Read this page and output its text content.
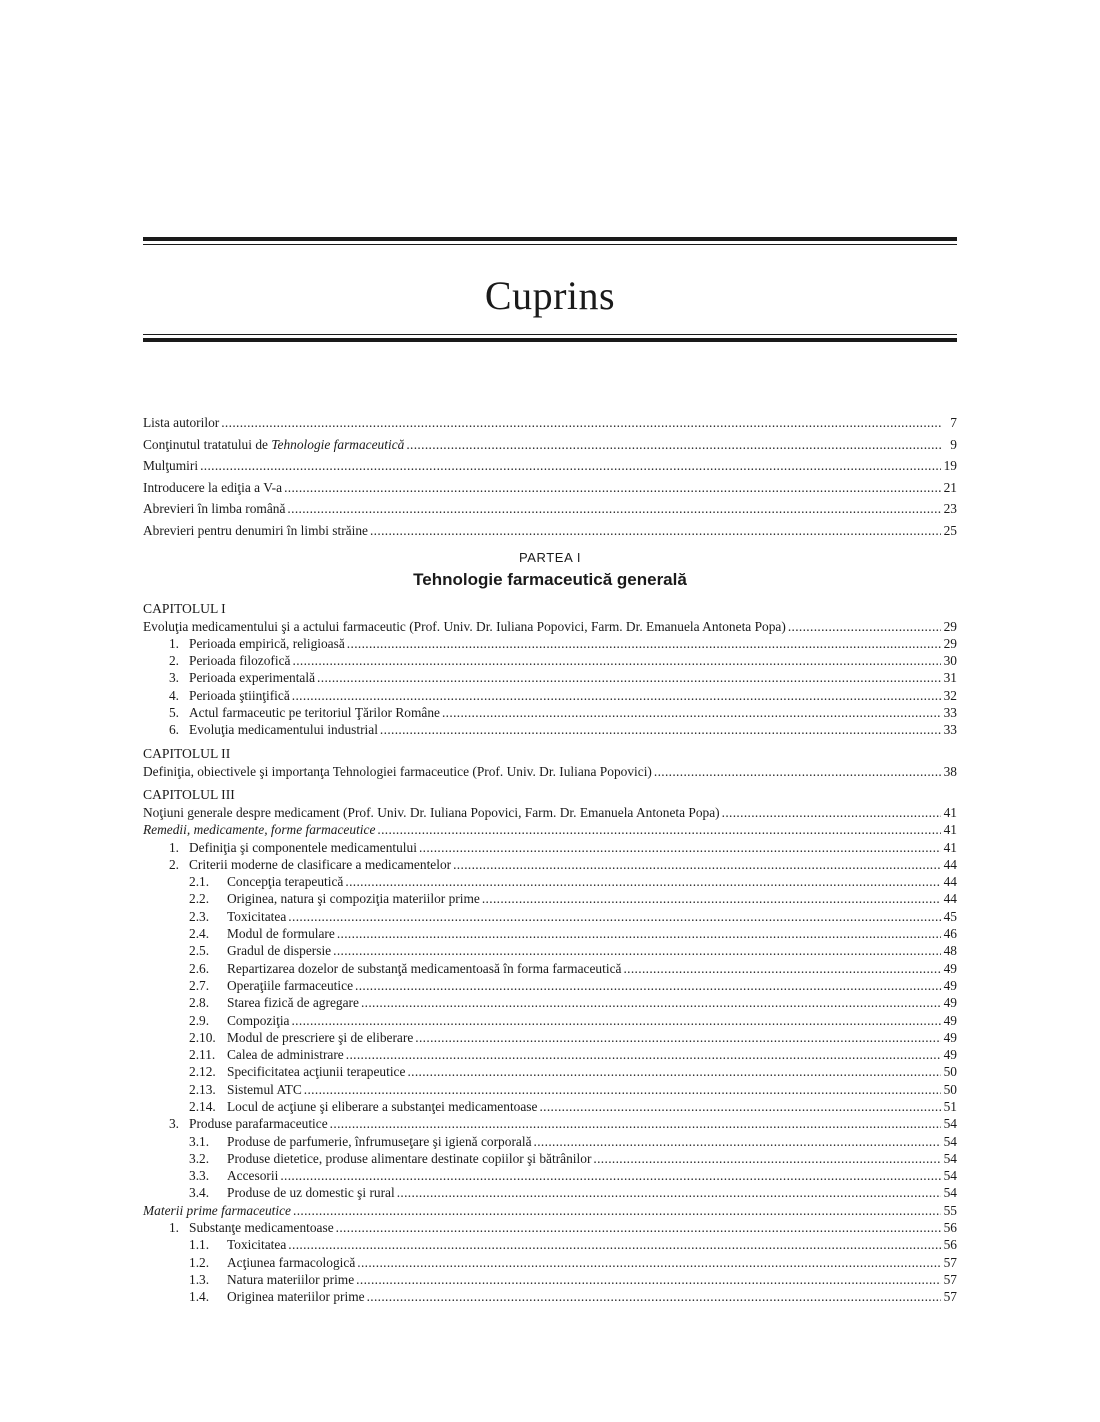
Cuprins
Lista autorilor . . .	7
Conţinutul tratatului de Tehnologie farmaceutică . . .	9
Mulţumiri . . .	19
Introducere la ediţia a V-a . . .	21
Abrevieri în limba română . . .	23
Abrevieri pentru denumiri în limbi străine . . .	25
PARTEA I
Tehnologie farmaceutică generală
CAPITOLUL I
Evoluţia medicamentului şi a actului farmaceutic (Prof. Univ. Dr. Iuliana Popovici, Farm. Dr. Emanuela Antoneta Popa) . . .	29
1. Perioada empirică, religioasă . . .	29
2. Perioada filozofică . . .	30
3. Perioada experimentală . . .	31
4. Perioada ştiinţifică . . .	32
5. Actul farmaceutic pe teritoriul Ţărilor Române . . .	33
6. Evoluţia medicamentului industrial . . .	33
CAPITOLUL II
Definiţia, obiectivele şi importanţa Tehnologiei farmaceutice (Prof. Univ. Dr. Iuliana Popovici) . . .	38
CAPITOLUL III
Noţiuni generale despre medicament (Prof. Univ. Dr. Iuliana Popovici, Farm. Dr. Emanuela Antoneta Popa) . . .	41
Remedii, medicamente, forme farmaceutice . . .	41
1. Definiţia şi componentele medicamentului . . .	41
2. Criterii moderne de clasificare a medicamentelor . . .	44
2.1.	Concepţia terapeutică . . .	44
2.2.	Originea, natura şi compoziţia materiilor prime . . .	44
2.3.	Toxicitatea . . .	45
2.4.	Modul de formulare . . .	46
2.5.	Gradul de dispersie . . .	48
2.6.	Repartizarea dozelor de substanţă medicamentoasă în forma farmaceutică . . .	49
2.7.	Operaţiile farmaceutice . . .	49
2.8.	Starea fizică de agregare . . .	49
2.9.	Compoziţia . . .	49
2.10. Modul de prescriere şi de eliberare . . .	49
2.11. Calea de administrare . . .	49
2.12. Specificitatea acţiunii terapeutice . . .	50
2.13. Sistemul ATC . . .	50
2.14. Locul de acţiune şi eliberare a substanţei medicamentoase . . .	51
3. Produse parafarmaceutice . . .	54
3.1.	Produse de parfumerie, înfrumuseţare şi igienă corporală . . .	54
3.2.	Produse dietetice, produse alimentare destinate copiilor şi bătrânilor . . .	54
3.3.	Accesorii . . .	54
3.4.	Produse de uz domestic şi rural . . .	54
Materii prime farmaceutice . . .	55
1. Substanţe medicamentoase . . .	56
1.1.	Toxicitatea . . .	56
1.2.	Acţiunea farmacologică . . .	57
1.3.	Natura materiilor prime . . .	57
1.4.	Originea materiilor prime . . .	57
